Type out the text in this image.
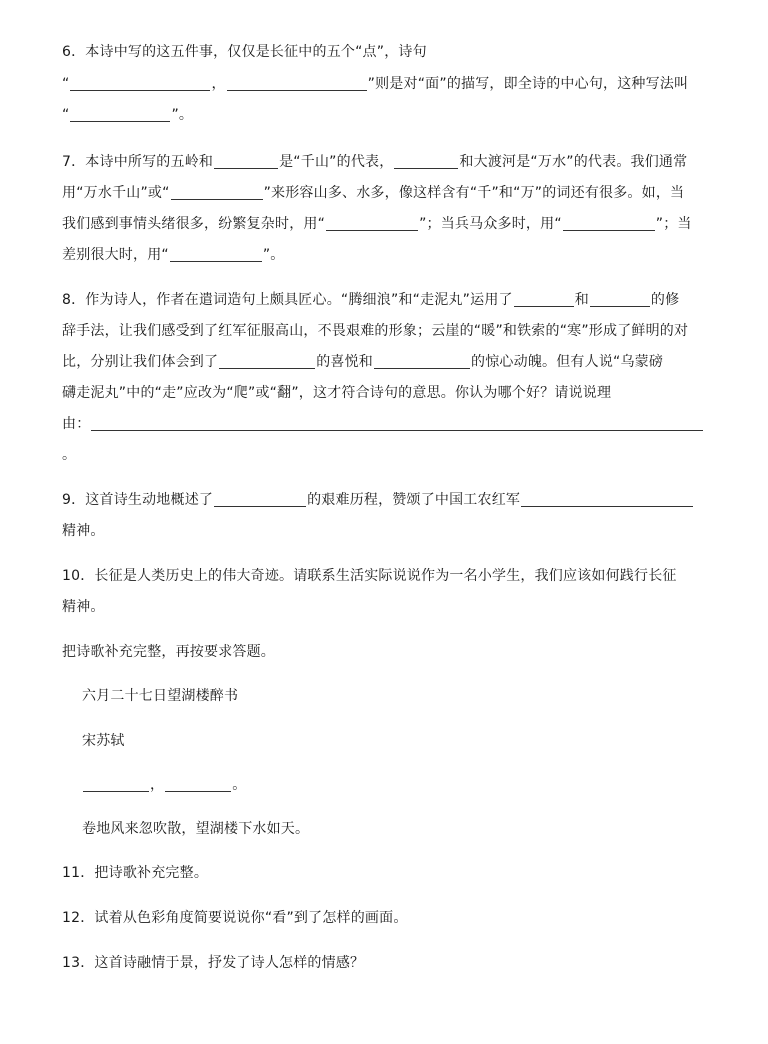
6．本诗中写的这五件事，仅仅是长征中的五个“点”，诗句
“	，	”则是对“面”的描写，即全诗的中心句，这种写法叫
“	”。
7．本诗中所写的五岭和	是“千山”的代表，	和大渡河是“万水”的代表。我们通常
用“万水千山”或“	”来形容山多、水多，像这样含有“千”和“万”的词还有很多。如，当
我们感到事情头绪很多，纷繁复杂时，用“	”；当兵马众多时，用“	”；当
差别很大时，用“	”。
8．作为诗人，作者在遣词造句上颇具匠心。“腾细浪”和“走泥丸”运用了	和	的修
辞手法，让我们感受到了红军征服高山，不畏艰难的形象；云崖的“暖”和铁索的“寒”形成了鲜明的对
比，分别让我们体会到了	的喜悦和	的惊心动魄。但有人说“乌蒙磅
礴走泥丸”中的“走”应改为“爬”或“翻”，这才符合诗句的意思。你认为哪个好？请说说理
由：
。
9．这首诗生动地概述了	的艰难历程，赞颂了中国工农红军
精神。
10．长征是人类历史上的伟大奇迹。请联系生活实际说说作为一名小学生，我们应该如何践行长征
精神。
把诗歌补充完整，再按要求答题。
六月二十七日望湖楼醉书
宋苏轼
，	。
卷地风来忽吹散，望湖楼下水如天。
11．把诗歌补充完整。
12．试着从色彩角度简要说说你“看”到了怎样的画面。
13．这首诗融情于景，抒发了诗人怎样的情感？
